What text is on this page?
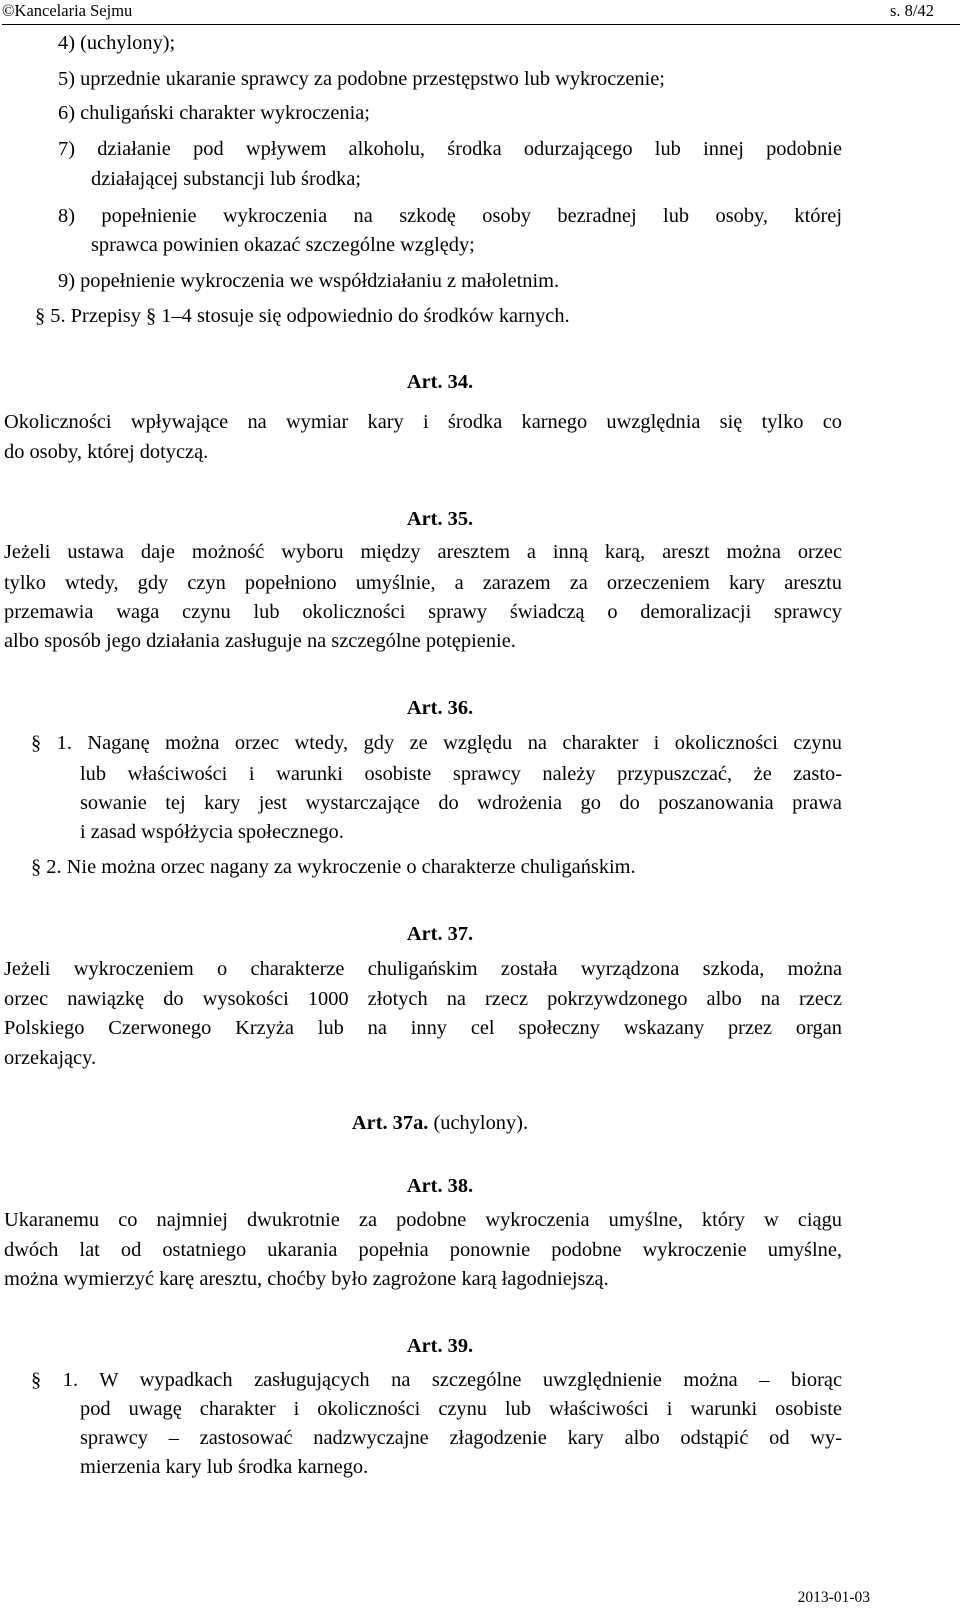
©Kancelaria Sejmu	s. 8/42
4) (uchylony);
5) uprzednie ukaranie sprawcy za podobne przestępstwo lub wykroczenie;
6) chuligański charakter wykroczenia;
7) działanie pod wpływem alkoholu, środka odurzającego lub innej podobnie
działającej substancji lub środka;
8) popełnienie wykroczenia na szkodę osoby bezradnej lub osoby, której
sprawca powinien okazać szczególne względy;
9) popełnienie wykroczenia we współdziałaniu z małoletnim.
§ 5. Przepisy § 1–4 stosuje się odpowiednio do środków karnych.
Art. 34.
Okoliczności wpływające na wymiar kary i środka karnego uwzględnia się tylko co
do osoby, której dotyczą.
Art. 35.
Jeżeli ustawa daje możność wyboru między aresztem a inną karą, areszt można orzec
tylko wtedy, gdy czyn popełniono umyślnie, a zarazem za orzeczeniem kary aresztu
przemawia waga czynu lub okoliczności sprawy świadczą o demoralizacji sprawcy
albo sposób jego działania zasługuje na szczególne potępienie.
Art. 36.
§ 1. Naganę można orzec wtedy, gdy ze względu na charakter i okoliczności czynu
lub właściwości i warunki osobiste sprawcy należy przypuszczać, że zasto-
sowanie tej kary jest wystarczające do wdrożenia go do poszanowania prawa
i zasad współżycia społecznego.
§ 2. Nie można orzec nagany za wykroczenie o charakterze chuligańskim.
Art. 37.
Jeżeli wykroczeniem o charakterze chuligańskim została wyrządzona szkoda, można
orzec nawiązkę do wysokości 1000 złotych na rzecz pokrzywdzonego albo na rzecz
Polskiego Czerwonego Krzyża lub na inny cel społeczny wskazany przez organ
orzekający.
Art. 37a. (uchylony).
Art. 38.
Ukaranemu co najmniej dwukrotnie za podobne wykroczenia umyślne, który w ciągu
dwóch lat od ostatniego ukarania popełnia ponownie podobne wykroczenie umyślne,
można wymierzyć karę aresztu, choćby było zagrożone karą łagodniejszą.
Art. 39.
§ 1. W wypadkach zasługujących na szczególne uwzględnienie można – biorąc
pod uwagę charakter i okoliczności czynu lub właściwości i warunki osobiste
sprawcy – zastosować nadzwyczajne złagodzenie kary albo odstąpić od wy-
mierzenia kary lub środka karnego.
2013-01-03
